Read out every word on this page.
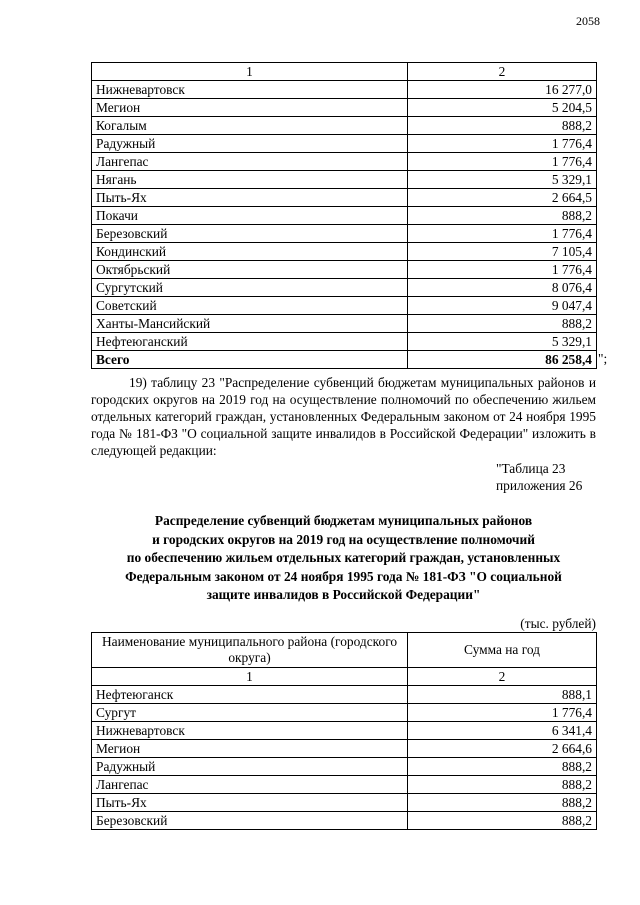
2058
1	2
Нижневартовск	16 277,0
Мегион	5 204,5
Когалым	888,2
Радужный	1 776,4
Лангепас	1 776,4
Нягань	5 329,1
Пыть-Ях	2 664,5
Покачи	888,2
Березовский	1 776,4
Кондинский	7 105,4
Октябрьский	1 776,4
Сургутский	8 076,4
Советский	9 047,4
Ханты-Мансийский	888,2
Нефтеюганский	5 329,1
Всего	86 258,4 ";
19) таблицу 23 "Распределение субвенций бюджетам муниципальных районов и городских округов на 2019 год на осуществление полномочий по обеспечению жильем отдельных категорий граждан, установленных Федеральным законом от 24 ноября 1995 года № 181-ФЗ "О социальной защите инвалидов в Российской Федерации" изложить в следующей редакции:
"Таблица 23
приложения 26
Распределение субвенций бюджетам муниципальных районов
и городских округов на 2019 год на осуществление полномочий
по обеспечению жильем отдельных категорий граждан, установленных
Федеральным законом от 24 ноября 1995 года № 181-ФЗ "О социальной
защите инвалидов в Российской Федерации"
(тыс. рублей)
Наименование муниципального района (городского округа)	Сумма на год
1	2
Нефтеюганск	888,1
Сургут	1 776,4
Нижневартовск	6 341,4
Мегион	2 664,6
Радужный	888,2
Лангепас	888,2
Пыть-Ях	888,2
Березовский	888,2
